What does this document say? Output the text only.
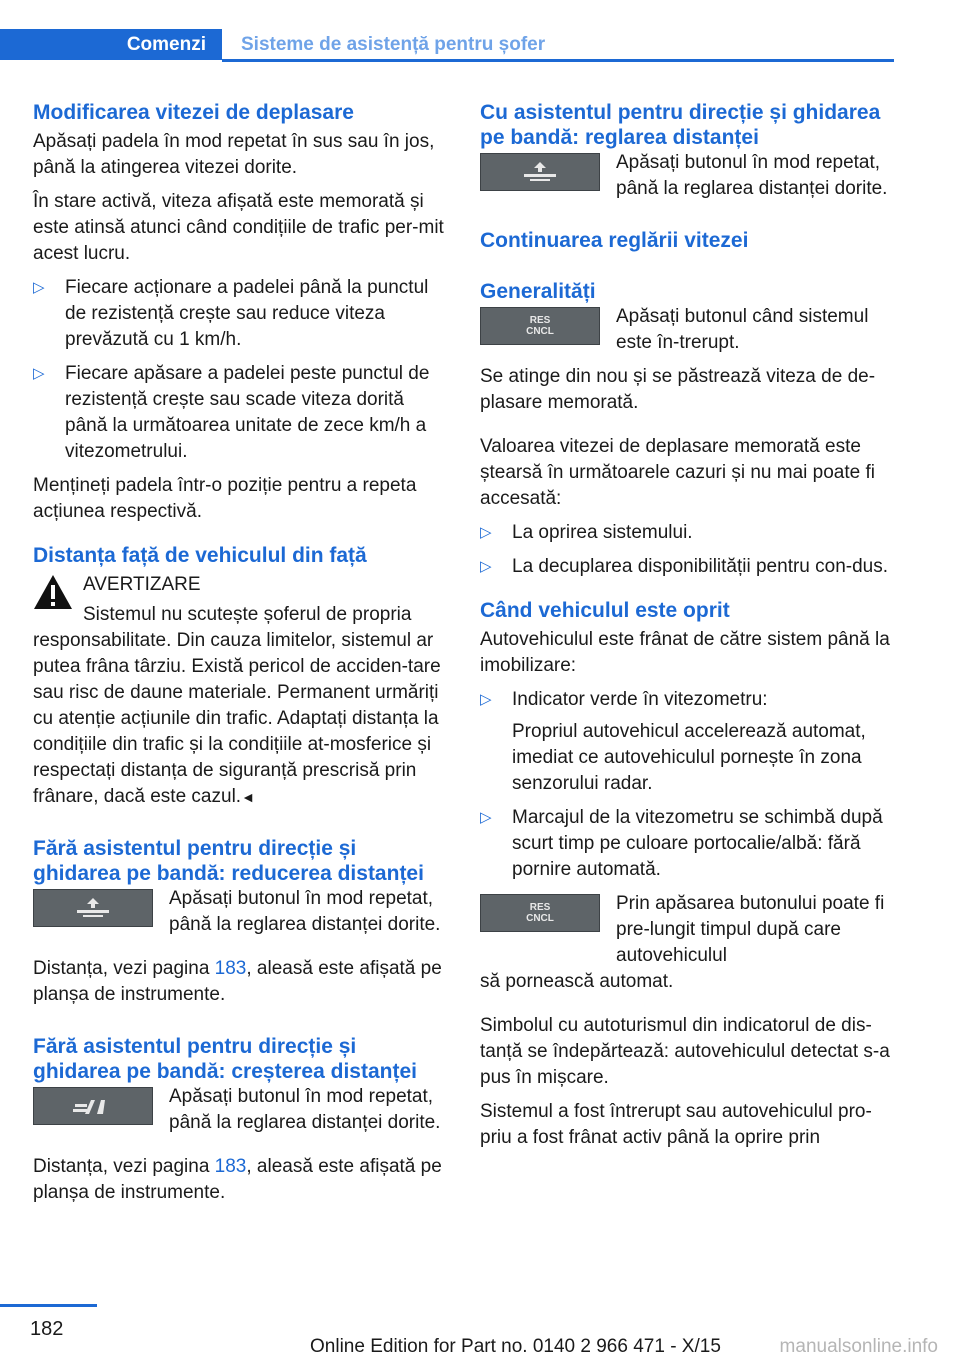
Comenzi	Sisteme de asistență pentru șofer
Modificarea vitezei de deplasare

Apăsați padela în mod repetat în sus sau în jos, până la atingerea vitezei dorite.

În stare activă, viteza afișată este memorată și este atinsă atunci când condițiile de trafic per‐mit acest lucru.

▷	Fiecare acționare a padelei până la punctul de rezistență crește sau reduce viteza prevăzută cu 1 km/h.
▷	Fiecare apăsare a padelei peste punctul de rezistență crește sau scade viteza dorită până la următoarea unitate de zece km/h a vitezometrului.

Mențineți padela într-o poziție pentru a repeta acțiunea respectivă.

Distanța față de vehiculul din față
AVERTIZARE
Sistemul nu scutește șoferul de propria

responsabilitate. Din cauza limitelor, sistemul ar putea frâna târziu. Există pericol de acciden‐tare sau risc de daune materiale. Permanent urmăriți cu atenție acțiunile din trafic. Adaptați distanța la condițiile din trafic și la condițiile at‐mosferice și respectați distanța de siguranță prescrisă prin frânare, dacă este cazul.◄

Fără asistentul pentru direcție și ghidarea pe bandă: reducerea distanței
Apăsați butonul în mod repetat, până la reglarea distanței dorite.

Distanța, vezi pagina 183, aleasă este afișată pe planșa de instrumente.

Fără asistentul pentru direcție și ghidarea pe bandă: creșterea distanței
Apăsați butonul în mod repetat, până la reglarea distanței dorite.

Distanța, vezi pagina 183, aleasă este afișată pe planșa de instrumente.

Cu asistentul pentru direcție și ghidarea pe bandă: reglarea distanței
Apăsați butonul în mod repetat, până la reglarea distanței dorite.
Continuarea reglării vitezei
Generalități
RES
CNCL
Apăsați butonul când sistemul este în‐trerupt.

Se atinge din nou și se păstrează viteza de de‐plasare memorată.

Valoarea vitezei de deplasare memorată este ștearsă în următoarele cazuri și nu mai poate fi accesată:

▷	La oprirea sistemului.
▷	La decuplarea disponibilității pentru con‐dus.
Când vehiculul este oprit

Autovehiculul este frânat de către sistem până la imobilizare:

▷	Indicator verde în vitezometru:
Propriul autovehicul accelerează automat, imediat ce autovehiculul pornește în zona senzorului radar.
▷	Marcajul de la vitezometru se schimbă după scurt timp pe culoare portocalie/albă: fără pornire automată.
RES
CNCL
Prin apăsarea butonului poate fi pre‐lungit timpul după care autovehiculul

să pornească automat.

Simbolul cu autoturismul din indicatorul de dis‐tanță se îndepărtează: autovehiculul detectat s-a pus în mișcare.

Sistemul a fost întrerupt sau autovehiculul pro‐priu a fost frânat activ până la oprire prin

182
Online Edition for Part no. 0140 2 966 471 - X/15	manualsonline.info
